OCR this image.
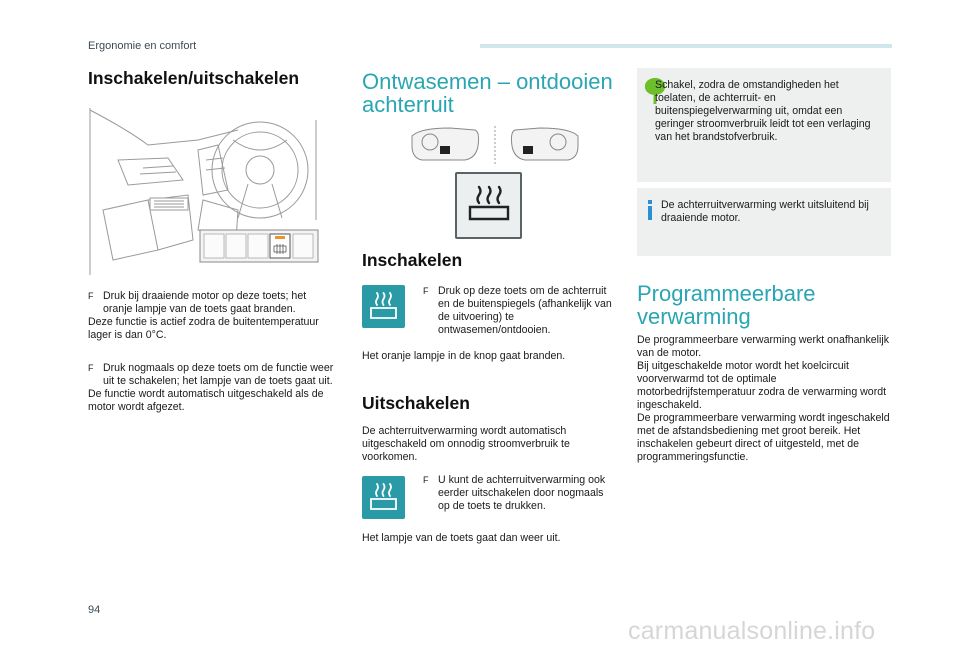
Ergonomie en comfort
Inschakelen/uitschakelen
F Druk bij draaiende motor op deze toets; het oranje lampje van de toets gaat branden.
Deze functie is actief zodra de buitentemperatuur lager is dan 0°C.
F Druk nogmaals op deze toets om de functie weer uit te schakelen; het lampje van de toets gaat uit.
De functie wordt automatisch uitgeschakeld als de motor wordt afgezet.
Ontwasemen – ontdooien
achterruit
Inschakelen
F Druk op deze toets om de achterruit en de buitenspiegels (afhankelijk van de uitvoering) te ontwasemen/ontdooien.
Het oranje lampje in de knop gaat branden.
Uitschakelen
De achterruitverwarming wordt automatisch uitgeschakeld om onnodig stroomverbruik te voorkomen.
F U kunt de achterruitverwarming ook eerder uitschakelen door nogmaals op de toets te drukken.
Het lampje van de toets gaat dan weer uit.
Schakel, zodra de omstandigheden het toelaten, de achterruit- en buitenspiegelverwarming uit, omdat een geringer stroomverbruik leidt tot een verlaging van het brandstofverbruik.
De achterruitverwarming werkt uitsluitend bij draaiende motor.
Programmeerbare
verwarming
De programmeerbare verwarming werkt onafhankelijk van de motor.
Bij uitgeschakelde motor wordt het koelcircuit voorverwarmd tot de optimale motorbedrijfstemperatuur zodra de verwarming wordt ingeschakeld.
De programmeerbare verwarming wordt ingeschakeld met de afstandsbediening met groot bereik. Het inschakelen gebeurt direct of uitgesteld, met de programmeringsfunctie.
94
carmanualsonline.info
